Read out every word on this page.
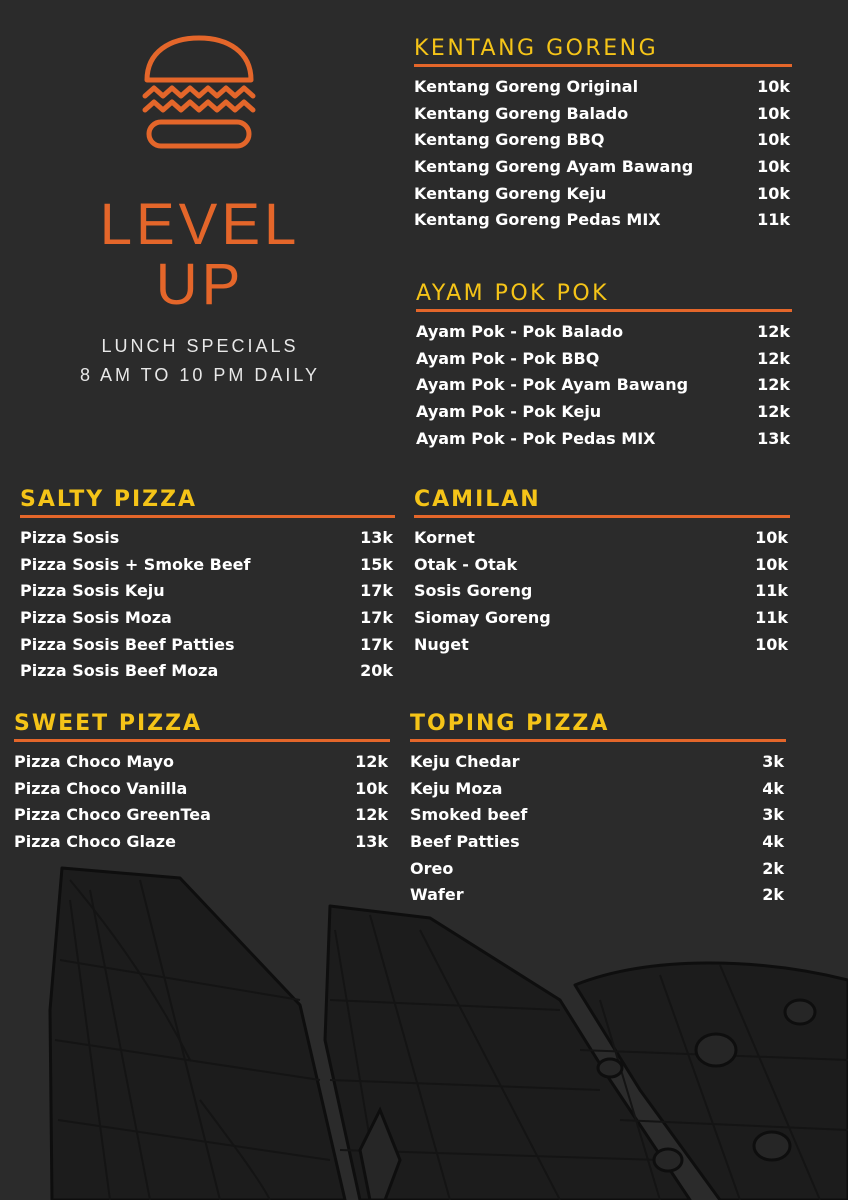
LEVEL
UP
LUNCH SPECIALS
8 AM TO 10 PM DAILY
KENTANG GORENG
Kentang Goreng Original	10k
Kentang Goreng Balado	10k
Kentang Goreng BBQ	10k
Kentang Goreng Ayam Bawang	10k
Kentang Goreng Keju	10k
Kentang Goreng Pedas MIX	11k
AYAM POK POK
Ayam Pok - Pok Balado	12k
Ayam Pok - Pok BBQ	12k
Ayam Pok - Pok Ayam Bawang	12k
Ayam Pok - Pok Keju	12k
Ayam Pok - Pok Pedas MIX	13k
SALTY PIZZA
Pizza Sosis	13k
Pizza Sosis + Smoke Beef	15k
Pizza Sosis Keju	17k
Pizza Sosis Moza	17k
Pizza Sosis Beef Patties	17k
Pizza Sosis Beef Moza	20k
CAMILAN
Kornet	10k
Otak - Otak	10k
Sosis Goreng	11k
Siomay Goreng	11k
Nuget	10k
SWEET PIZZA
Pizza Choco Mayo	12k
Pizza Choco Vanilla	10k
Pizza Choco GreenTea	12k
Pizza Choco Glaze	13k
TOPING PIZZA
Keju Chedar	3k
Keju Moza	4k
Smoked beef	3k
Beef Patties	4k
Oreo	2k
Wafer	2k
